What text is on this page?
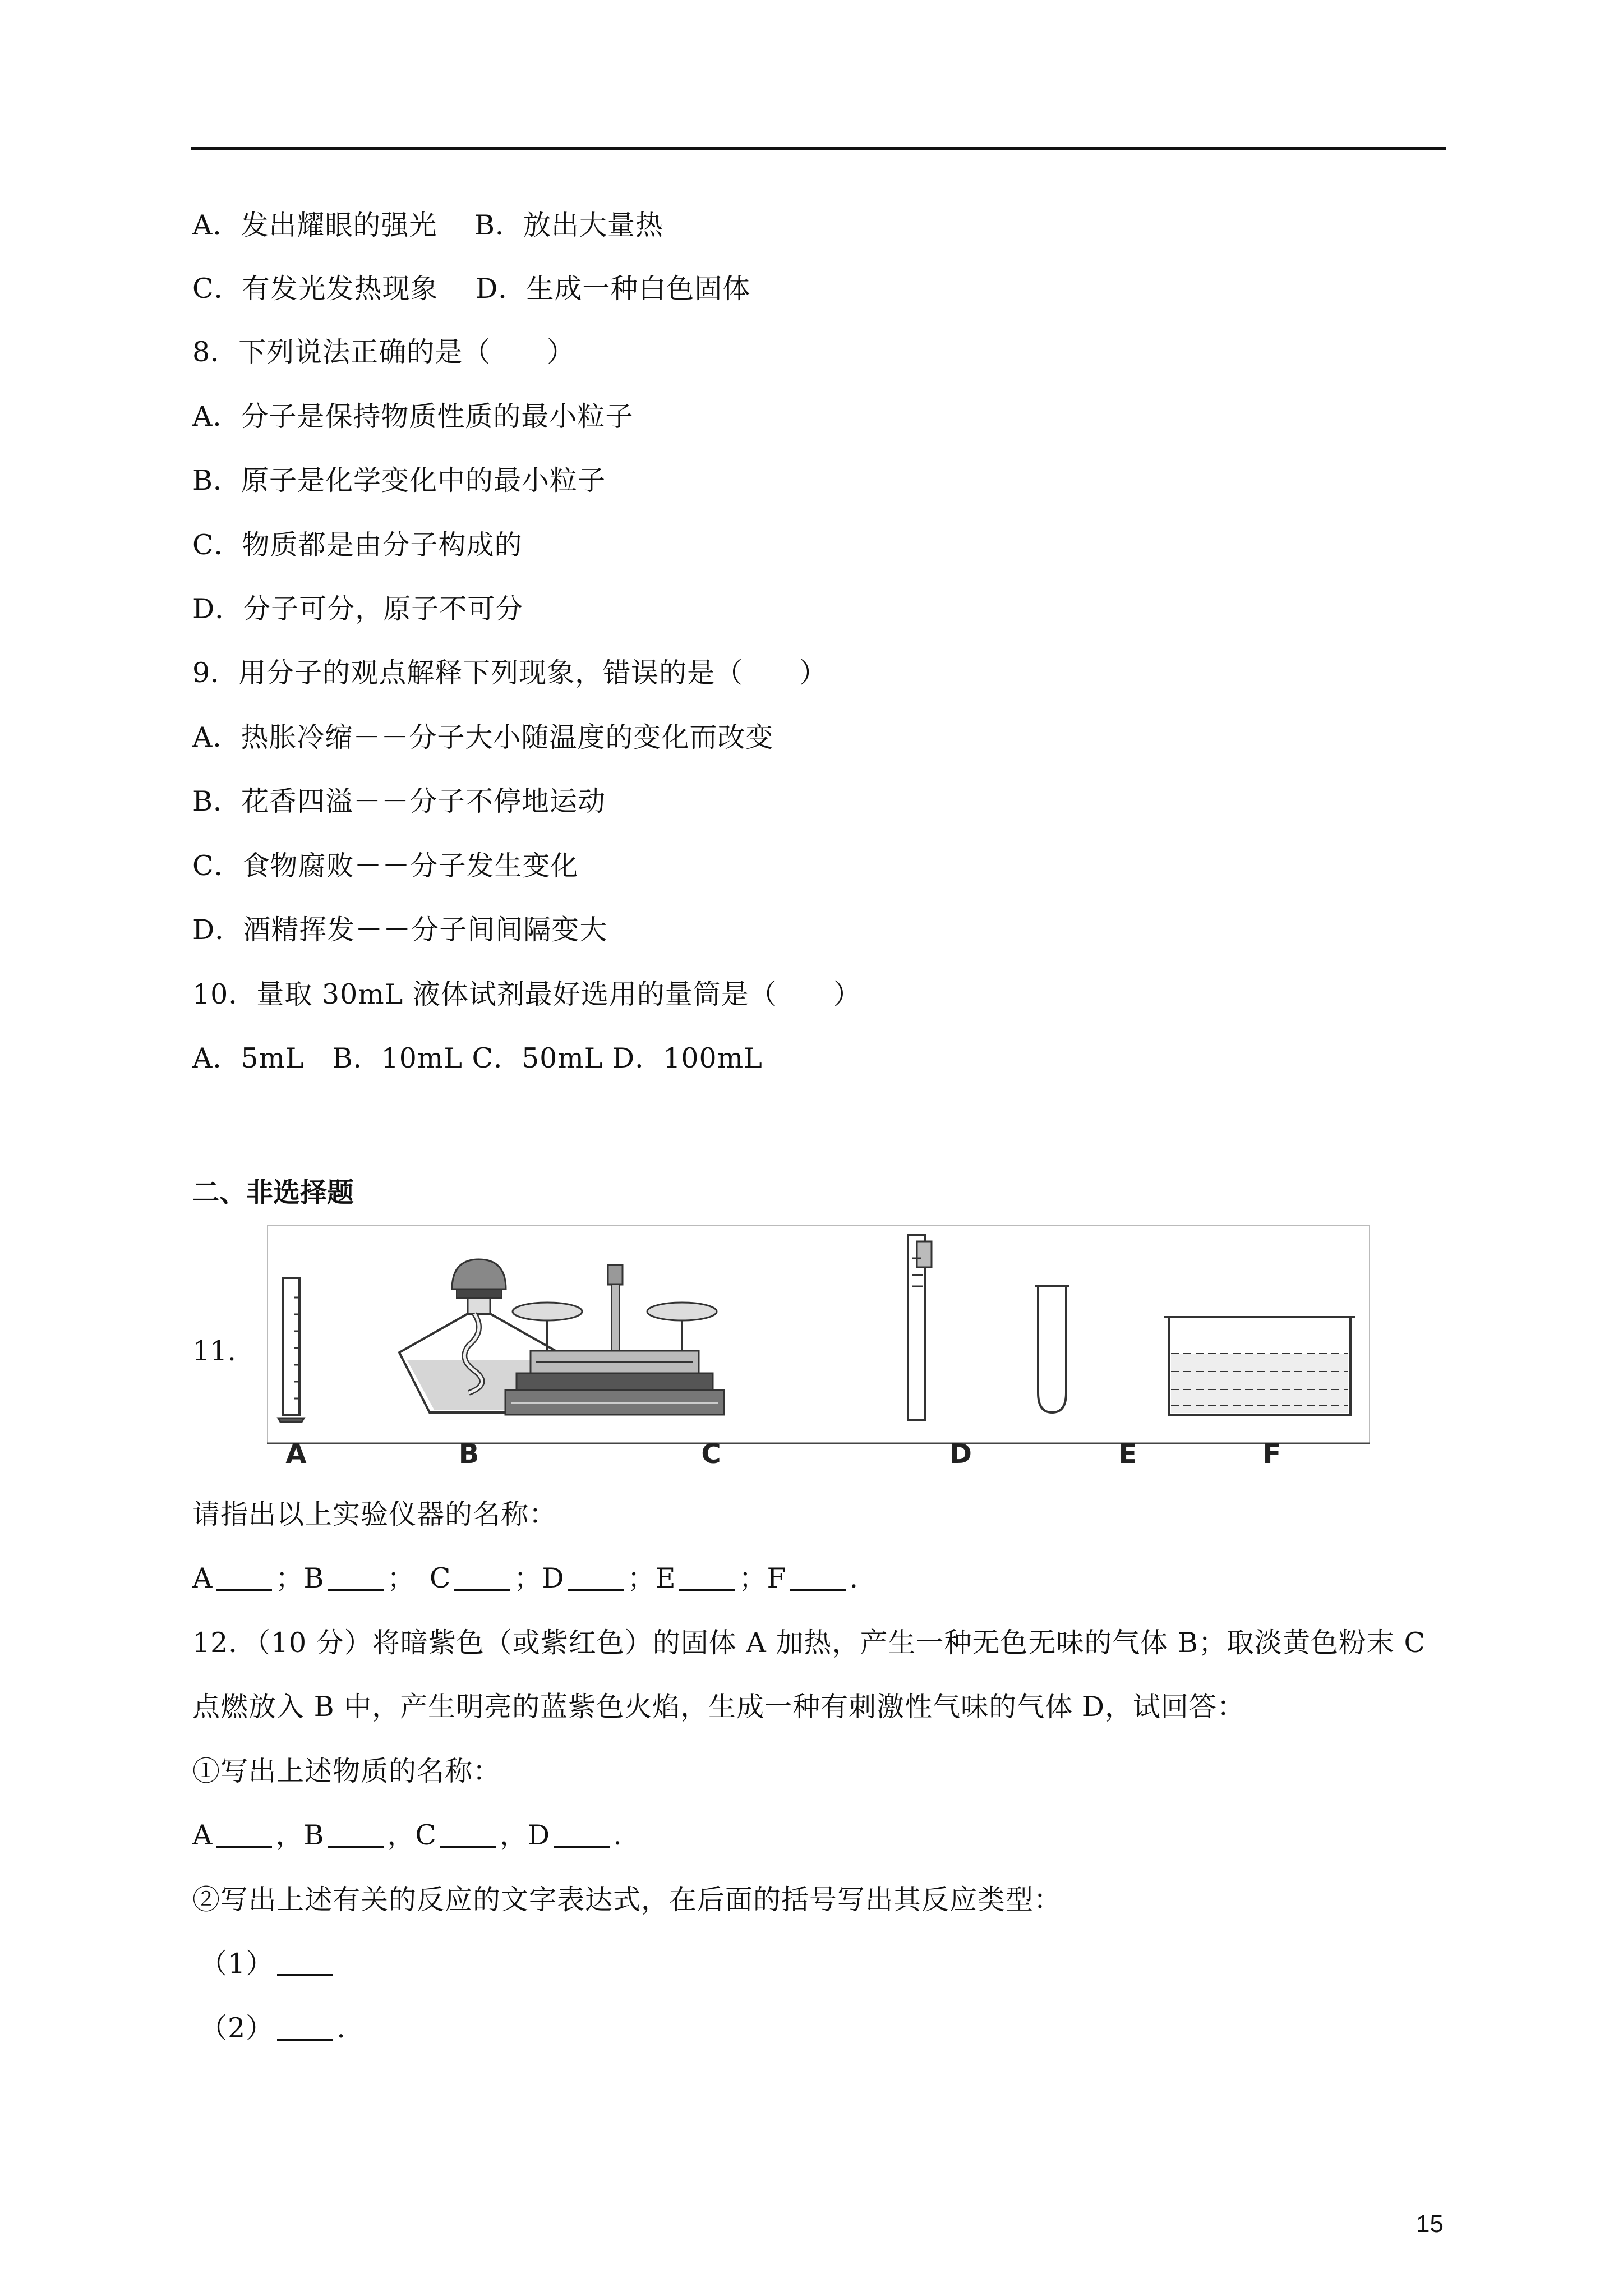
A．发出耀眼的强光　 B．放出大量热
C．有发光发热现象　 D．生成一种白色固体
8．下列说法正确的是（　　）
A．分子是保持物质性质的最小粒子
B．原子是化学变化中的最小粒子
C．物质都是由分子构成的
D．分子可分，原子不可分
9．用分子的观点解释下列现象，错误的是（　　）
A．热胀冷缩－－分子大小随温度的变化而改变
B．花香四溢－－分子不停地运动
C．食物腐败－－分子发生变化
D．酒精挥发－－分子间间隔变大
10．量取 30mL 液体试剂最好选用的量筒是（　　）
A．5mL　B．10mL C．50mL D．100mL
二、非选择题
11.
A	B	C	D	E	F
请指出以上实验仪器的名称：
A ；B ；　C ；D ；E ；F .
12．（10 分）将暗紫色（或紫红色）的固体 A 加热，产生一种无色无味的气体 B；取淡黄色粉末 C
点燃放入 B 中，产生明亮的蓝紫色火焰，生成一种有刺激性气味的气体 D，试回答：
①写出上述物质的名称：
A ，B ，C ，D .
②写出上述有关的反应的文字表达式，在后面的括号写出其反应类型：
（1）
（2） .
15
